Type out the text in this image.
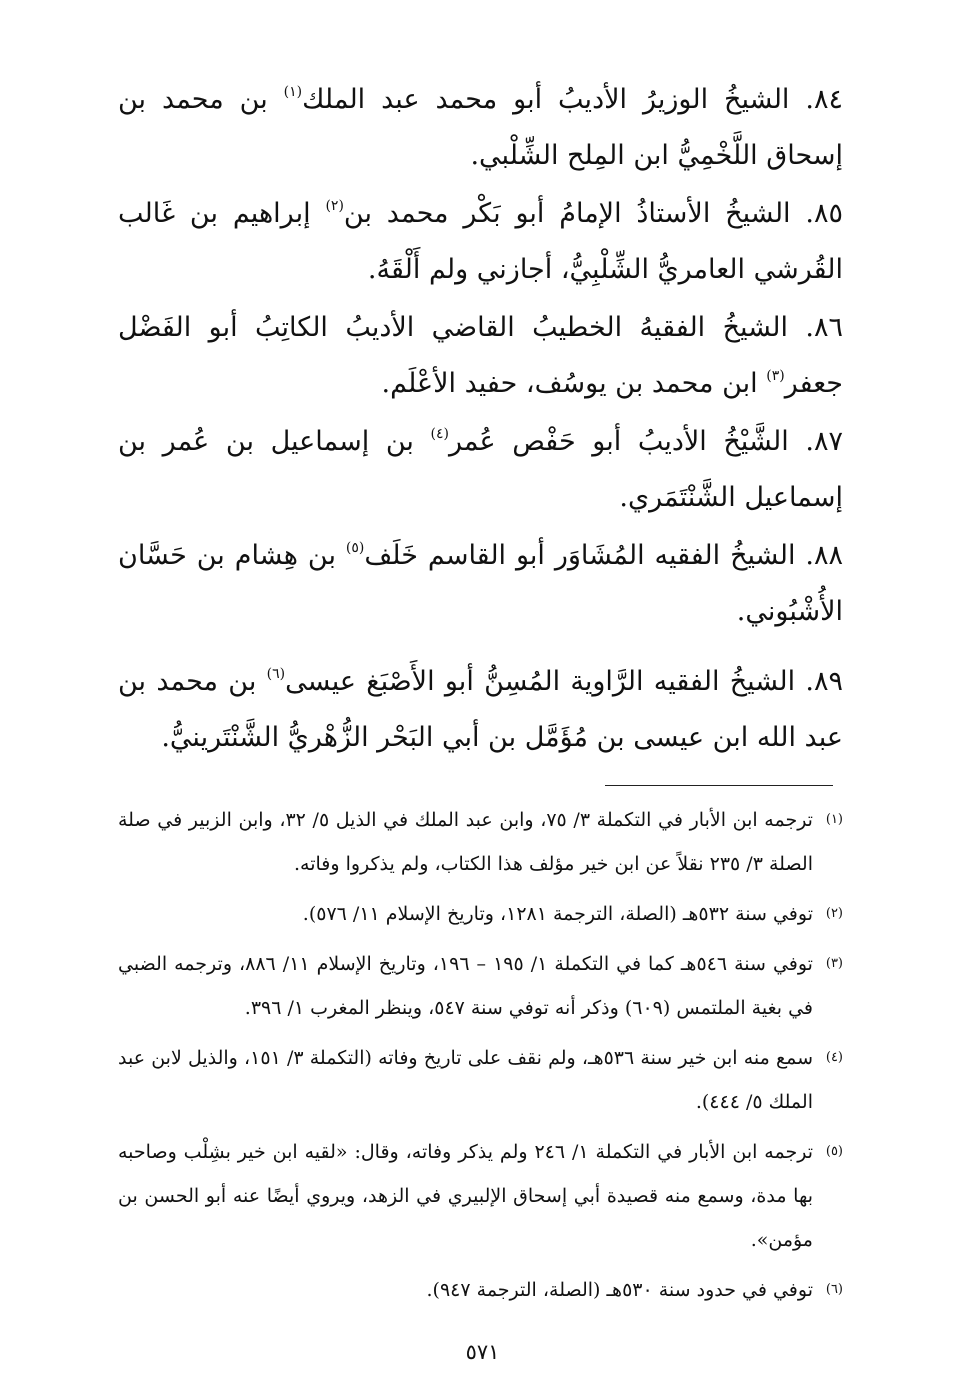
٨٤. الشيخُ الوزيرُ الأديبُ أبو محمد عبد الملك$^{(١)}$ بن محمد بن إسحاق اللَّخْمِيُّ ابن المِلح الشِّلْبي.

٨٥. الشيخُ الأستاذُ الإمامُ أبو بَكْر محمد بن$^{(٢)}$ إبراهيم بن غَالب القُرشي العامريُّ الشِّلْبِيُّ، أجازني ولم أَلْقَهُ.

٨٦. الشيخُ الفقيهُ الخطيبُ القاضي الأديبُ الكاتِبُ أبو الفَضْل جعفر$^{(٣)}$ ابن محمد بن يوسُف، حفيد الأعْلَم.

٨٧. الشَّيْخُ الأديبُ أبو حَفْص عُمر$^{(٤)}$ بن إسماعيل بن عُمر بن إسماعيل الشَّنْتَمَري.

٨٨. الشيخُ الفقيه المُشَاوَر أبو القاسم خَلَف$^{(٥)}$ بن هِشام بن حَسَّان الأُشْبُوني.

٨٩. الشيخُ الفقيه الرَّاوية المُسِنُّ أبو الأَصْبَغ عيسى$^{(٦)}$ بن محمد بن عبد الله ابن عيسى بن مُؤَمَّل بن أبي البَحْر الزُّهْريُّ الشَّنْتَرينيُّ.

(١)
ترجمه ابن الأبار في التكملة ٣/ ٧٥، وابن عبد الملك في الذيل ٥/ ٣٢، وابن الزبير في صلة الصلة ٣/ ٢٣٥ نقلاً عن ابن خير مؤلف هذا الكتاب، ولم يذكروا وفاته.
(٢)
توفي سنة ٥٣٢هـ (الصلة، الترجمة ١٢٨١، وتاريخ الإسلام ١١/ ٥٧٦).
(٣)
توفي سنة ٥٤٦هـ كما في التكملة ١/ ١٩٥ – ١٩٦، وتاريخ الإسلام ١١/ ٨٨٦، وترجمه الضبي في بغية الملتمس (٦٠٩) وذكر أنه توفي سنة ٥٤٧، وينظر المغرب ١/ ٣٩٦.
(٤)
سمع منه ابن خير سنة ٥٣٦هـ، ولم نقف على تاريخ وفاته (التكملة ٣/ ١٥١، والذيل لابن عبد الملك ٥/ ٤٤٤).
(٥)
ترجمه ابن الأبار في التكملة ١/ ٢٤٦ ولم يذكر وفاته، وقال: «لقيه ابن خير بشِلْب وصاحبه بها مدة، وسمع منه قصيدة أبي إسحاق الإلبيري في الزهد، ويروي أيضًا عنه أبو الحسن بن مؤمن».
(٦)
توفي في حدود سنة ٥٣٠هـ (الصلة، الترجمة ٩٤٧).
٥٧١
